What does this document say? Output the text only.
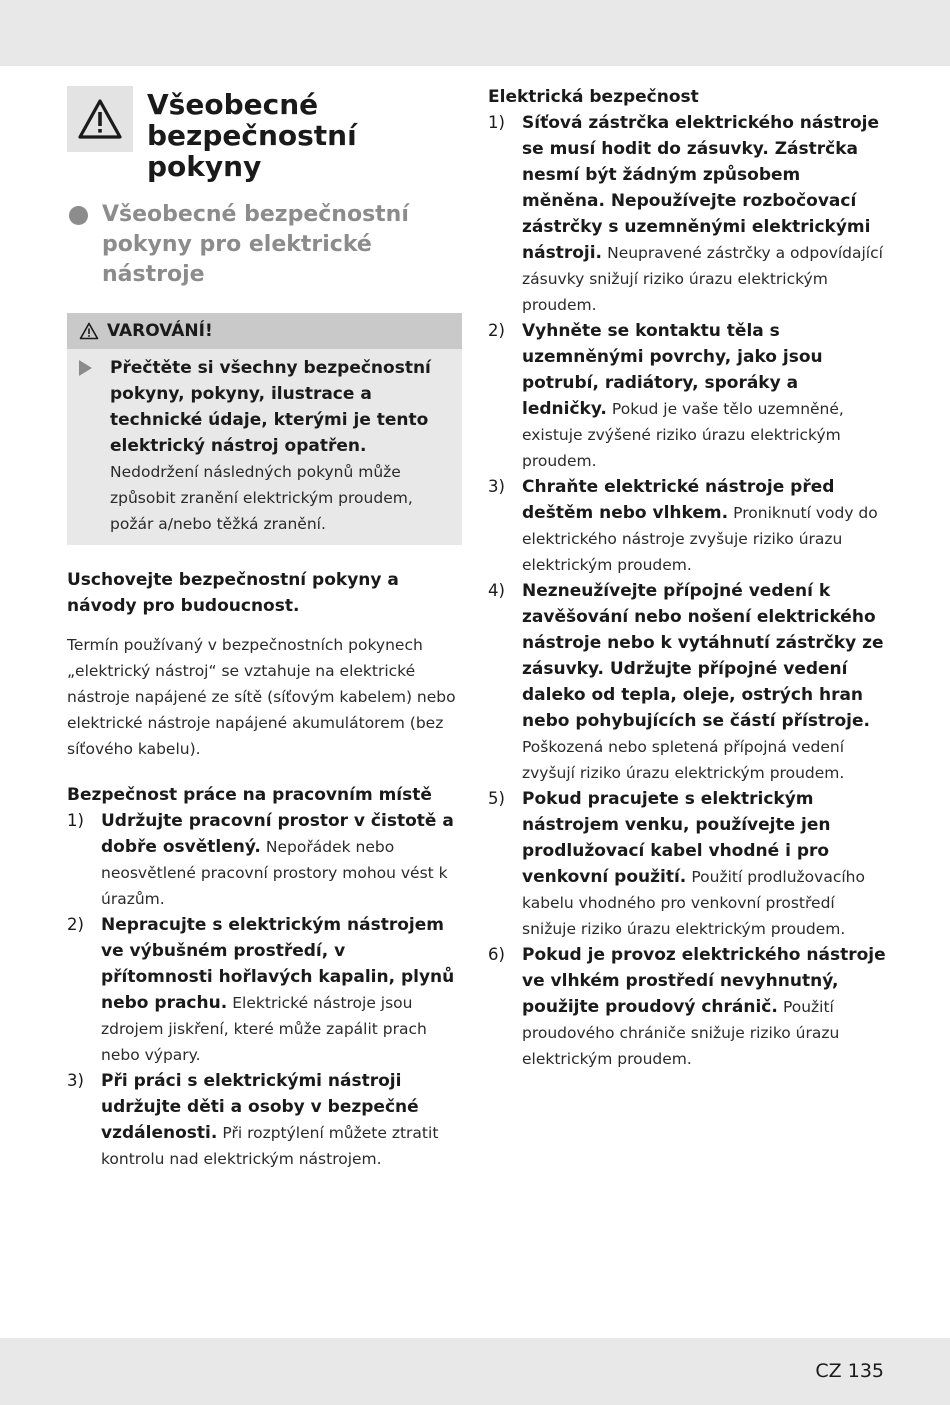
Všeobecné bezpečnostní pokyny
Všeobecné bezpečnostní pokyny pro elektrické nástroje
VAROVÁNÍ!
Přečtěte si všechny bezpečnostní pokyny, pokyny, ilustrace a technické údaje, kterými je tento elektrický nástroj opatřen. Nedodržení následných pokynů může způsobit zranění elektrickým proudem, požár a/nebo těžká zranění.
Uschovejte bezpečnostní pokyny a návody pro budoucnost.
Termín používaný v bezpečnostních pokynech „elektrický nástroj“ se vztahuje na elektrické nástroje napájené ze sítě (síťovým kabelem) nebo elektrické nástroje napájené akumulátorem (bez síťového kabelu).
Bezpečnost práce na pracovním místě
1)	Udržujte pracovní prostor v čistotě a dobře osvětlený. Nepořádek nebo neosvětlené pracovní prostory mohou vést k úrazům.
2)	Nepracujte s elektrickým nástrojem ve výbušném prostředí, v přítomnosti hořlavých kapalin, plynů nebo prachu. Elektrické nástroje jsou zdrojem jiskření, které může zapálit prach nebo výpary.
3)	Při práci s elektrickými nástroji udržujte děti a osoby v bezpečné vzdálenosti. Při rozptýlení můžete ztratit kontrolu nad elektrickým nástrojem.
Elektrická bezpečnost
1)	Síťová zástrčka elektrického nástroje se musí hodit do zásuvky. Zástrčka nesmí být žádným způsobem měněna. Nepoužívejte rozbočovací zástrčky s uzemněnými elektrickými nástroji. Neupravené zástrčky a odpovídající zásuvky snižují riziko úrazu elektrickým proudem.
2)	Vyhněte se kontaktu těla s uzemněnými povrchy, jako jsou potrubí, radiátory, sporáky a ledničky. Pokud je vaše tělo uzemněné, existuje zvýšené riziko úrazu elektrickým proudem.
3)	Chraňte elektrické nástroje před deštěm nebo vlhkem. Proniknutí vody do elektrického nástroje zvyšuje riziko úrazu elektrickým proudem.
4)	Nezneužívejte přípojné vedení k zavěšování nebo nošení elektrického nástroje nebo k vytáhnutí zástrčky ze zásuvky. Udržujte přípojné vedení daleko od tepla, oleje, ostrých hran nebo pohybujících se částí přístroje. Poškozená nebo spletená přípojná vedení zvyšují riziko úrazu elektrickým proudem.
5)	Pokud pracujete s elektrickým nástrojem venku, používejte jen prodlužovací kabel vhodné i pro venkovní použití. Použití prodlužovacího kabelu vhodného pro venkovní prostředí snižuje riziko úrazu elektrickým proudem.
6)	Pokud je provoz elektrického nástroje ve vlhkém prostředí nevyhnutný, použijte proudový chránič. Použití proudového chrániče snižuje riziko úrazu elektrickým proudem.
CZ 135
